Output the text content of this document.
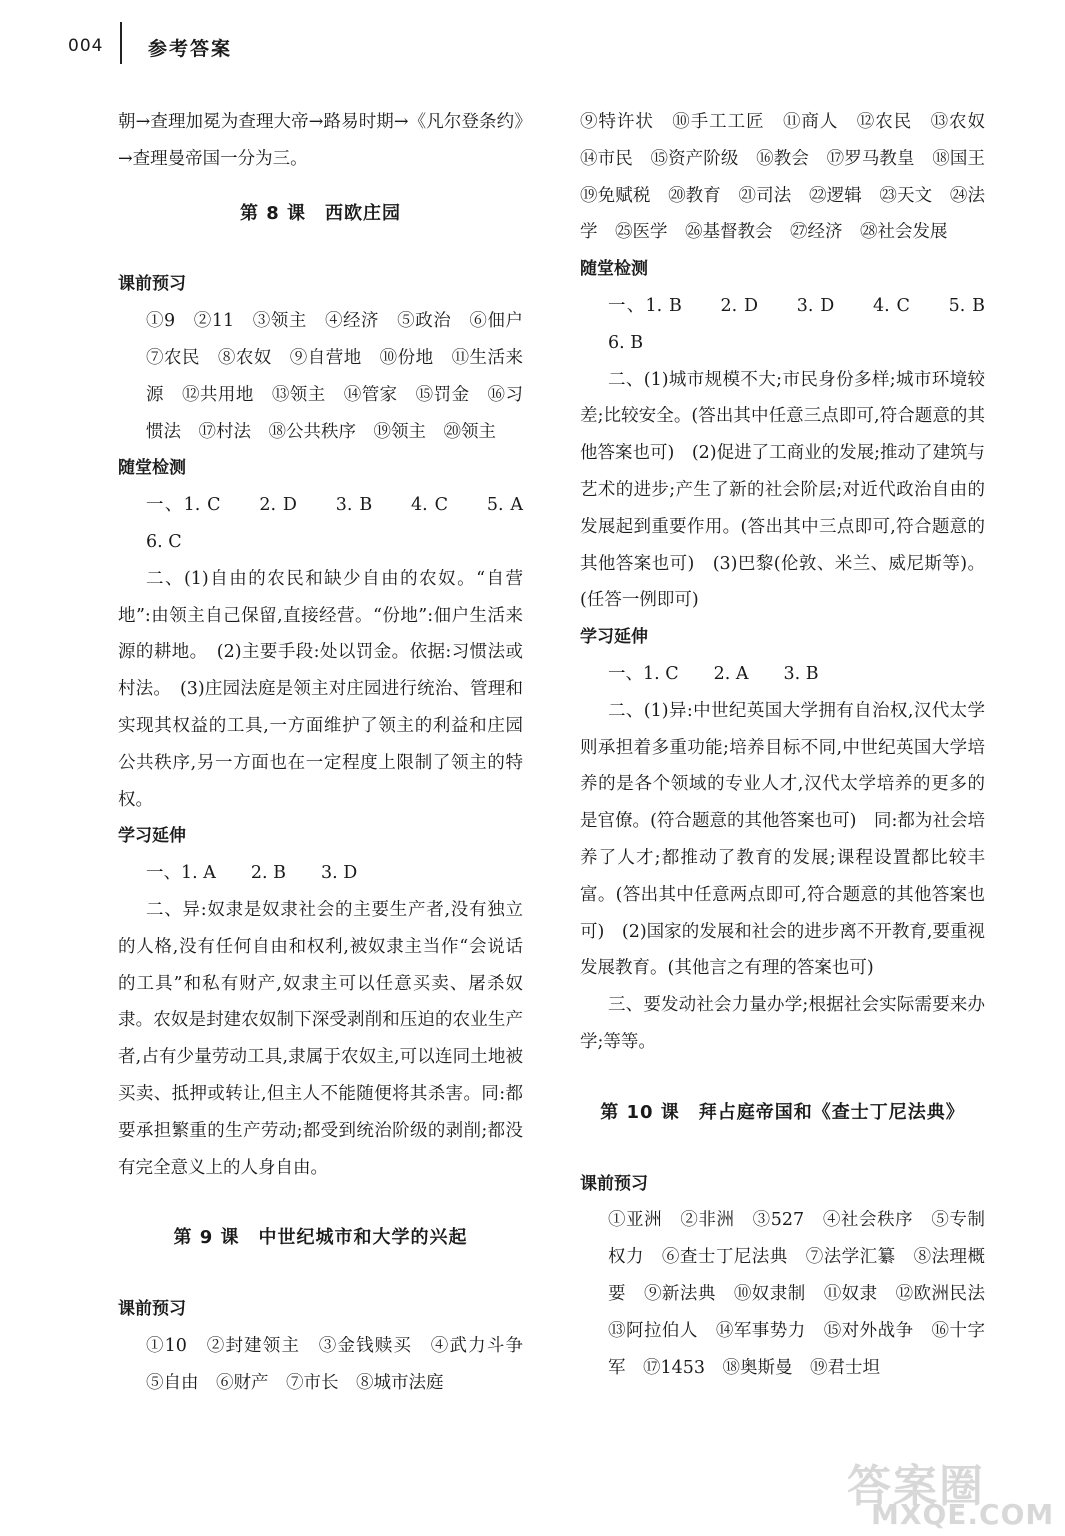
004 参考答案

朝→查理加冕为查理大帝→路易时期→《凡尔登条约》→查理曼帝国一分为三。

第 8 课　西欧庄园
课前预习

①9　②11　③领主　④经济　⑤政治　⑥佃户　⑦农民　⑧农奴　⑨自营地　⑩份地　⑪生活来源　⑫共用地　⑬领主　⑭管家　⑮罚金　⑯习惯法　⑰村法　⑱公共秩序　⑲领主　⑳领主

随堂检测

一、1. C　　2. D　　3. B　　4. C　　5. A　　6. C

二、(1)自由的农民和缺少自由的农奴。“自营地”:由领主自己保留,直接经营。“份地”:佃户生活来源的耕地。　(2)主要手段:处以罚金。依据:习惯法或村法。　(3)庄园法庭是领主对庄园进行统治、管理和实现其权益的工具,一方面维护了领主的利益和庄园公共秩序,另一方面也在一定程度上限制了领主的特权。

学习延伸

一、1. A　　2. B　　3. D

二、异:奴隶是奴隶社会的主要生产者,没有独立的人格,没有任何自由和权利,被奴隶主当作“会说话的工具”和私有财产,奴隶主可以任意买卖、屠杀奴隶。农奴是封建农奴制下深受剥削和压迫的农业生产者,占有少量劳动工具,隶属于农奴主,可以连同土地被买卖、抵押或转让,但主人不能随便将其杀害。同:都要承担繁重的生产劳动;都受到统治阶级的剥削;都没有完全意义上的人身自由。

第 9 课　中世纪城市和大学的兴起
课前预习

①10　②封建领主　③金钱赎买　④武力斗争　⑤自由　⑥财产　⑦市长　⑧城市法庭

⑨特许状　⑩手工工匠　⑪商人　⑫农民　⑬农奴　⑭市民　⑮资产阶级　⑯教会　⑰罗马教皇　⑱国王　⑲免赋税　⑳教育　㉑司法　㉒逻辑　㉓天文　㉔法学　㉕医学　㉖基督教会　㉗经济　㉘社会发展

随堂检测

一、1. B　　2. D　　3. D　　4. C　　5. B　　6. B

二、(1)城市规模不大;市民身份多样;城市环境较差;比较安全。(答出其中任意三点即可,符合题意的其他答案也可)　(2)促进了工商业的发展;推动了建筑与艺术的进步;产生了新的社会阶层;对近代政治自由的发展起到重要作用。(答出其中三点即可,符合题意的其他答案也可)　(3)巴黎(伦敦、米兰、威尼斯等)。(任答一例即可)

学习延伸

一、1. C　　2. A　　3. B

二、(1)异:中世纪英国大学拥有自治权,汉代太学则承担着多重功能;培养目标不同,中世纪英国大学培养的是各个领域的专业人才,汉代太学培养的更多的是官僚。(符合题意的其他答案也可)　同:都为社会培养了人才;都推动了教育的发展;课程设置都比较丰富。(答出其中任意两点即可,符合题意的其他答案也可)　(2)国家的发展和社会的进步离不开教育,要重视发展教育。(其他言之有理的答案也可)

三、要发动社会力量办学;根据社会实际需要来办学;等等。

第 10 课　拜占庭帝国和《查士丁尼法典》
课前预习

①亚洲　②非洲　③527　④社会秩序　⑤专制权力　⑥查士丁尼法典　⑦法学汇纂　⑧法理概要　⑨新法典　⑩奴隶制　⑪奴隶　⑫欧洲民法　⑬阿拉伯人　⑭军事势力　⑮对外战争　⑯十字军　⑰1453　⑱奥斯曼　⑲君士坦

答案圈
MXQE.COM
